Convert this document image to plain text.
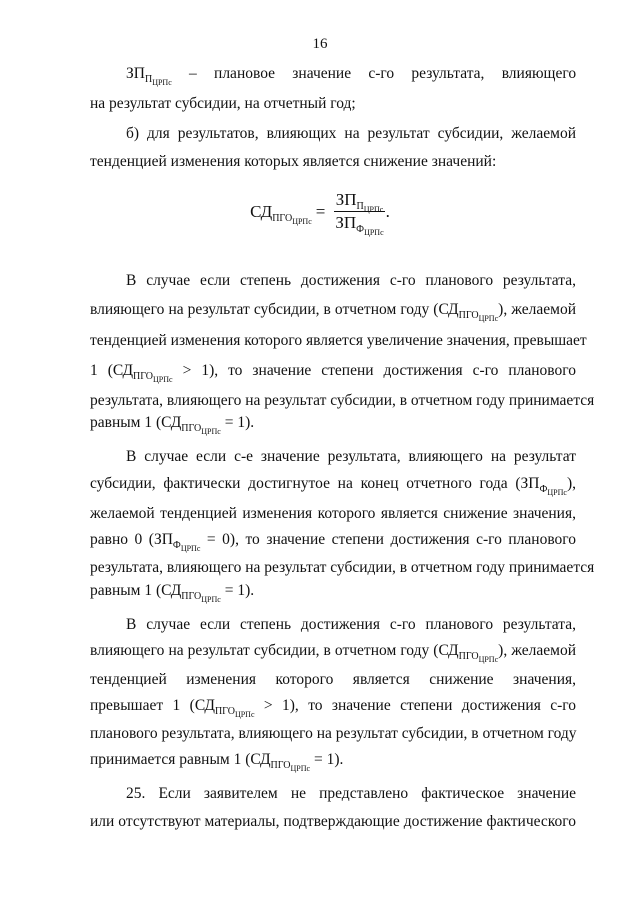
16
$ЗП_{П_{ЦРПс}}$ – плановое значение с-го результата, влияющего
на результат субсидии, на отчетный год;
б) для результатов, влияющих на результат субсидии, желаемой
тенденцией изменения которых является снижение значений:
$СД_{ПГО_{ЦРПс}}$
= $\frac{ЗП_{П_{ЦРПс}}}{ЗП_{Ф_{ЦРПс}}}$ .
В случае если степень достижения с-го планового результата,
влияющего на результат субсидии, в отчетном году $(СД_{ПГО_{ЦРПс}})$, желаемой
тенденцией изменения которого является увеличение значения, превышает
1 $(СД_{ПГО_{ЦРПс}} > 1)$, то значение степени достижения с-го планового
результата, влияющего на результат субсидии, в отчетном году принимается
равным 1 $(СД_{ПГО_{ЦРПс}} = 1)$.
В случае если с-е значение результата, влияющего на результат
субсидии, фактически достигнутое на конец отчетного года $(ЗП_{Ф_{ЦРПс}})$,
желаемой тенденцией изменения которого является снижение значения,
равно 0 $(ЗП_{Ф_{ЦРПс}} = 0)$, то значение степени достижения с-го планового
результата, влияющего на результат субсидии, в отчетном году принимается
равным 1 $(СД_{ПГО_{ЦРПс}} = 1)$.
В случае если степень достижения с-го планового результата,
влияющего на результат субсидии, в отчетном году $(СД_{ПГО_{ЦРПс}})$, желаемой
тенденцией изменения которого является снижение значения,
превышает 1 $(СД_{ПГО_{ЦРПс}} > 1)$, то значение степени достижения с-го
планового результата, влияющего на результат субсидии, в отчетном году
принимается равным 1 $(СД_{ПГО_{ЦРПс}} = 1)$.
25. Если заявителем не представлено фактическое значение
или отсутствуют материалы, подтверждающие достижение фактического
